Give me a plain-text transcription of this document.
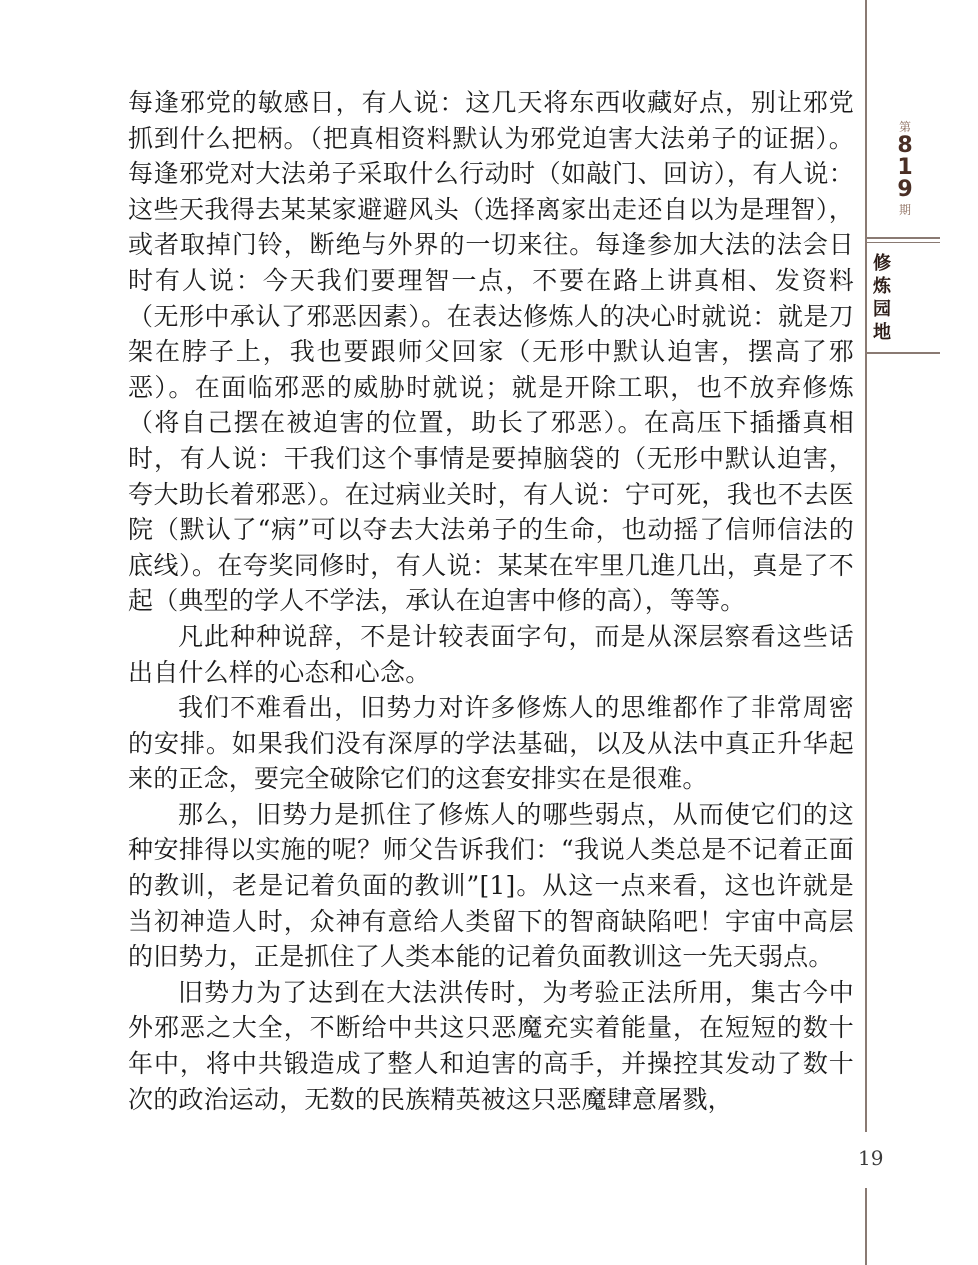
第
8
1
9
期
修
炼
园
地

每逢邪党的敏感日，有人说：这几天将东西收藏好点，别让邪党抓到什么把柄。（把真相资料默认为邪党迫害大法弟子的证据）。每逢邪党对大法弟子采取什么行动时（如敲门、回访），有人说：这些天我得去某某家避避风头（选择离家出走还自以为是理智），或者取掉门铃，断绝与外界的一切来往。每逢参加大法的法会日时有人说：今天我们要理智一点，不要在路上讲真相、发资料（无形中承认了邪恶因素）。在表达修炼人的决心时就说：就是刀架在脖子上，我也要跟师父回家（无形中默认迫害，摆高了邪恶）。在面临邪恶的威胁时就说；就是开除工职，也不放弃修炼（将自己摆在被迫害的位置，助长了邪恶）。在高压下插播真相时，有人说：干我们这个事情是要掉脑袋的（无形中默认迫害，夸大助长着邪恶）。在过病业关时，有人说：宁可死，我也不去医院（默认了“病”可以夺去大法弟子的生命，也动摇了信师信法的底线）。在夸奖同修时，有人说：某某在牢里几進几出，真是了不起（典型的学人不学法，承认在迫害中修的高），等等。

凡此种种说辞，不是计较表面字句，而是从深层察看这些话出自什么样的心态和心念。

我们不难看出，旧势力对许多修炼人的思维都作了非常周密的安排。如果我们没有深厚的学法基础，以及从法中真正升华起来的正念，要完全破除它们的这套安排实在是很难。

那么，旧势力是抓住了修炼人的哪些弱点，从而使它们的这种安排得以实施的呢？师父告诉我们：“我说人类总是不记着正面的教训，老是记着负面的教训”[1]。从这一点来看，这也许就是当初神造人时，众神有意给人类留下的智商缺陷吧！宇宙中高层的旧势力，正是抓住了人类本能的记着负面教训这一先天弱点。

旧势力为了达到在大法洪传时，为考验正法所用，集古今中外邪恶之大全，不断给中共这只恶魔充实着能量，在短短的数十年中，将中共锻造成了整人和迫害的高手，并操控其发动了数十次的政治运动，无数的民族精英被这只恶魔肆意屠戮，

19
